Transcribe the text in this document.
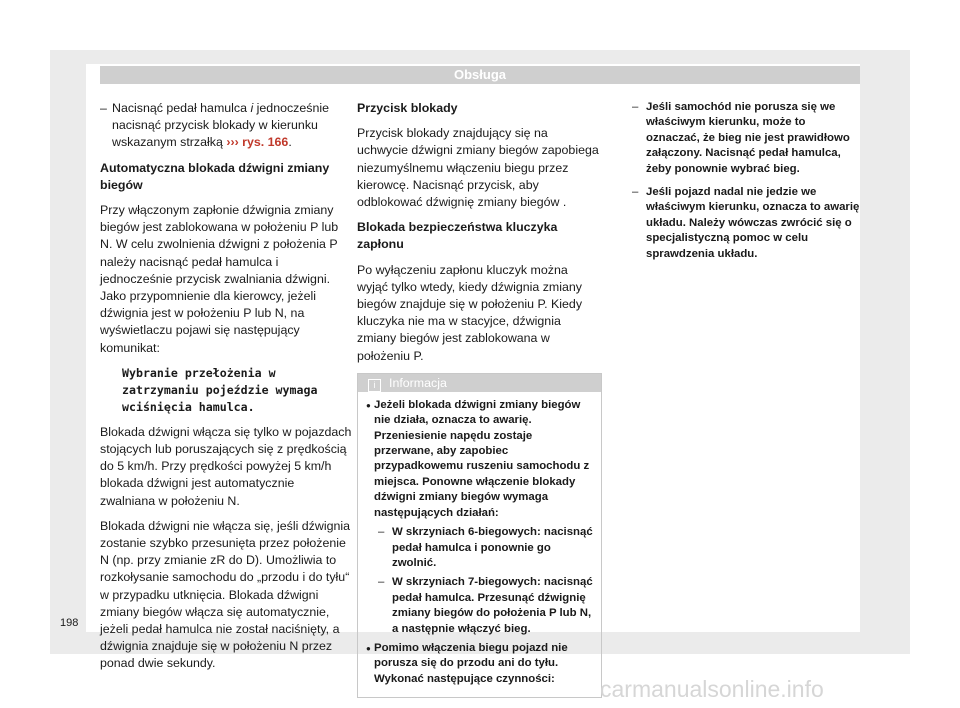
Obsługa
– Nacisnąć pedał hamulca i jednocześnie nacisnąć przycisk blokady w kierunku wskazanym strzałką ››› rys. 166.

Automatyczna blokada dźwigni zmiany biegów

Przy włączonym zapłonie dźwignia zmiany biegów jest zablokowana w położeniu P lub N. W celu zwolnienia dźwigni z położenia P należy nacisnąć pedał hamulca i jednocześnie przycisk zwalniania dźwigni. Jako przypomnienie dla kierowcy, jeżeli dźwignia jest w położeniu P lub N, na wyświetlaczu pojawi się następujący komunikat:

Wybranie przełożenia w zatrzymaniu pojeździe wymaga wciśnięcia hamulca.

Blokada dźwigni włącza się tylko w pojazdach stojących lub poruszających się z prędkością do 5 km/h. Przy prędkości powyżej 5 km/h blokada dźwigni jest automatycznie zwalniana w położeniu N.

Blokada dźwigni nie włącza się, jeśli dźwignia zostanie szybko przesunięta przez położenie N (np. przy zmianie zR do D). Umożliwia to rozkołysanie samochodu do „przodu i do tyłu“ w przypadku utknięcia. Blokada dźwigni zmiany biegów włącza się automatycznie, jeżeli pedał hamulca nie został naciśnięty, a dźwignia znajduje się w położeniu N przez ponad dwie sekundy.

Przycisk blokady

Przycisk blokady znajdujący się na uchwycie dźwigni zmiany biegów zapobiega niezumyślnemu włączeniu biegu przez kierowcę. Nacisnąć przycisk, aby odblokować dźwignię zmiany biegów .

Blokada bezpieczeństwa kluczyka zapłonu

Po wyłączeniu zapłonu kluczyk można wyjąć tylko wtedy, kiedy dźwignia zmiany biegów znajduje się w położeniu P. Kiedy kluczyka nie ma w stacyjce, dźwignia zmiany biegów jest zablokowana w położeniu P.

i Informacja
● Jeżeli blokada dźwigni zmiany biegów nie działa, oznacza to awarię. Przeniesienie napędu zostaje przerwane, aby zapobiec przypadkowemu ruszeniu samochodu z miejsca. Ponowne włączenie blokady dźwigni zmiany biegów wymaga następujących działań:
– W skrzyniach 6-biegowych: nacisnąć pedał hamulca i ponownie go zwolnić.
– W skrzyniach 7-biegowych: nacisnąć pedał hamulca. Przesunąć dźwignię zmiany biegów do położenia P lub N, a następnie włączyć bieg.
● Pomimo włączenia biegu pojazd nie porusza się do przodu ani do tyłu. Wykonać następujące czynności:
– Jeśli samochód nie porusza się we właściwym kierunku, może to oznaczać, że bieg nie jest prawidłowo załączony. Nacisnąć pedał hamulca, żeby ponownie wybrać bieg.
– Jeśli pojazd nadal nie jedzie we właściwym kierunku, oznacza to awarię układu. Należy wówczas zwrócić się o specjalistyczną pomoc w celu sprawdzenia układu.
198
carmanualsonline.info
